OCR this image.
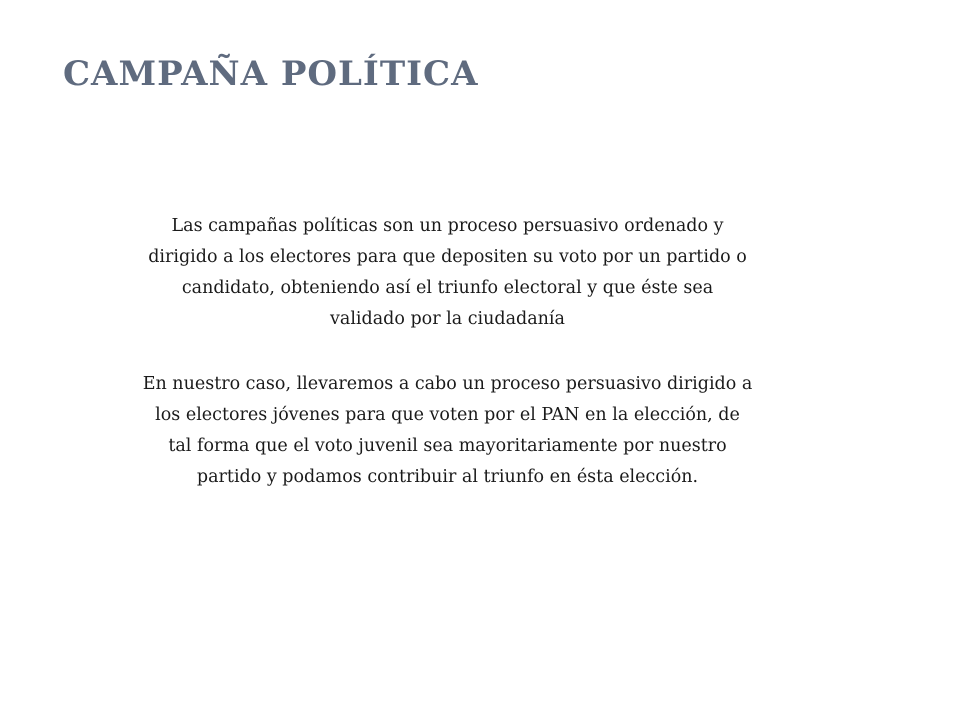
CAMPAÑA POLÍTICA

Las campañas políticas son un proceso persuasivo ordenado y
dirigido a los electores para que depositen su voto por un partido o
candidato, obteniendo así el triunfo electoral y que éste sea
validado por la ciudadanía

En nuestro caso, llevaremos a cabo un proceso persuasivo dirigido a
los electores jóvenes para que voten por el PAN en la elección, de
tal forma que el voto juvenil sea mayoritariamente por nuestro
partido y podamos contribuir al triunfo en ésta elección.
